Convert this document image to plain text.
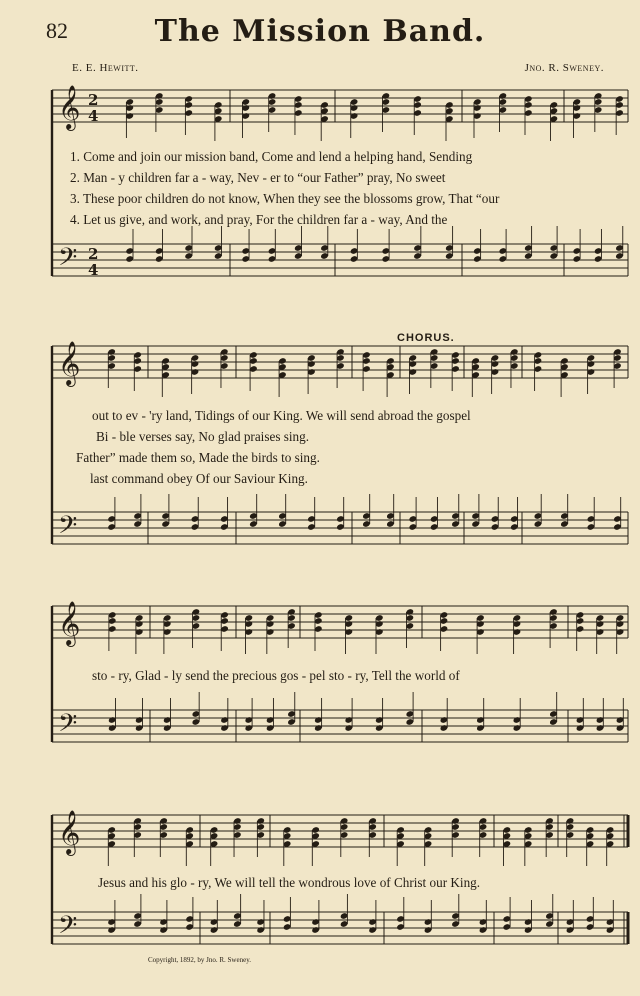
82	The Mission Band.
E. E. Hewitt.	Jno. R. Sweney.
𝄞
𝄢
2
4
2
4
𝄞
𝄢
𝄞
𝄢
𝄞
𝄢
1. Come and join our mission band, Come and lend a helping hand, Sending
2. Man - y children far a - way, Nev - er to “our Father” pray, No sweet
3. These poor children do not know, When they see the blossoms grow, That “our
4. Let us give, and work, and pray, For the children far a - way, And the
CHORUS.
out to ev - 'ry land, Tidings of our King. We will send abroad the gospel
Bi - ble verses say, No glad praises sing.
Father” made them so, Made the birds to sing.
last command obey Of our Saviour King.
sto - ry, Glad - ly send the precious gos - pel sto - ry, Tell the world of
Jesus and his glo - ry, We will tell the wondrous love of Christ our King.
Copyright, 1892, by Jno. R. Sweney.
